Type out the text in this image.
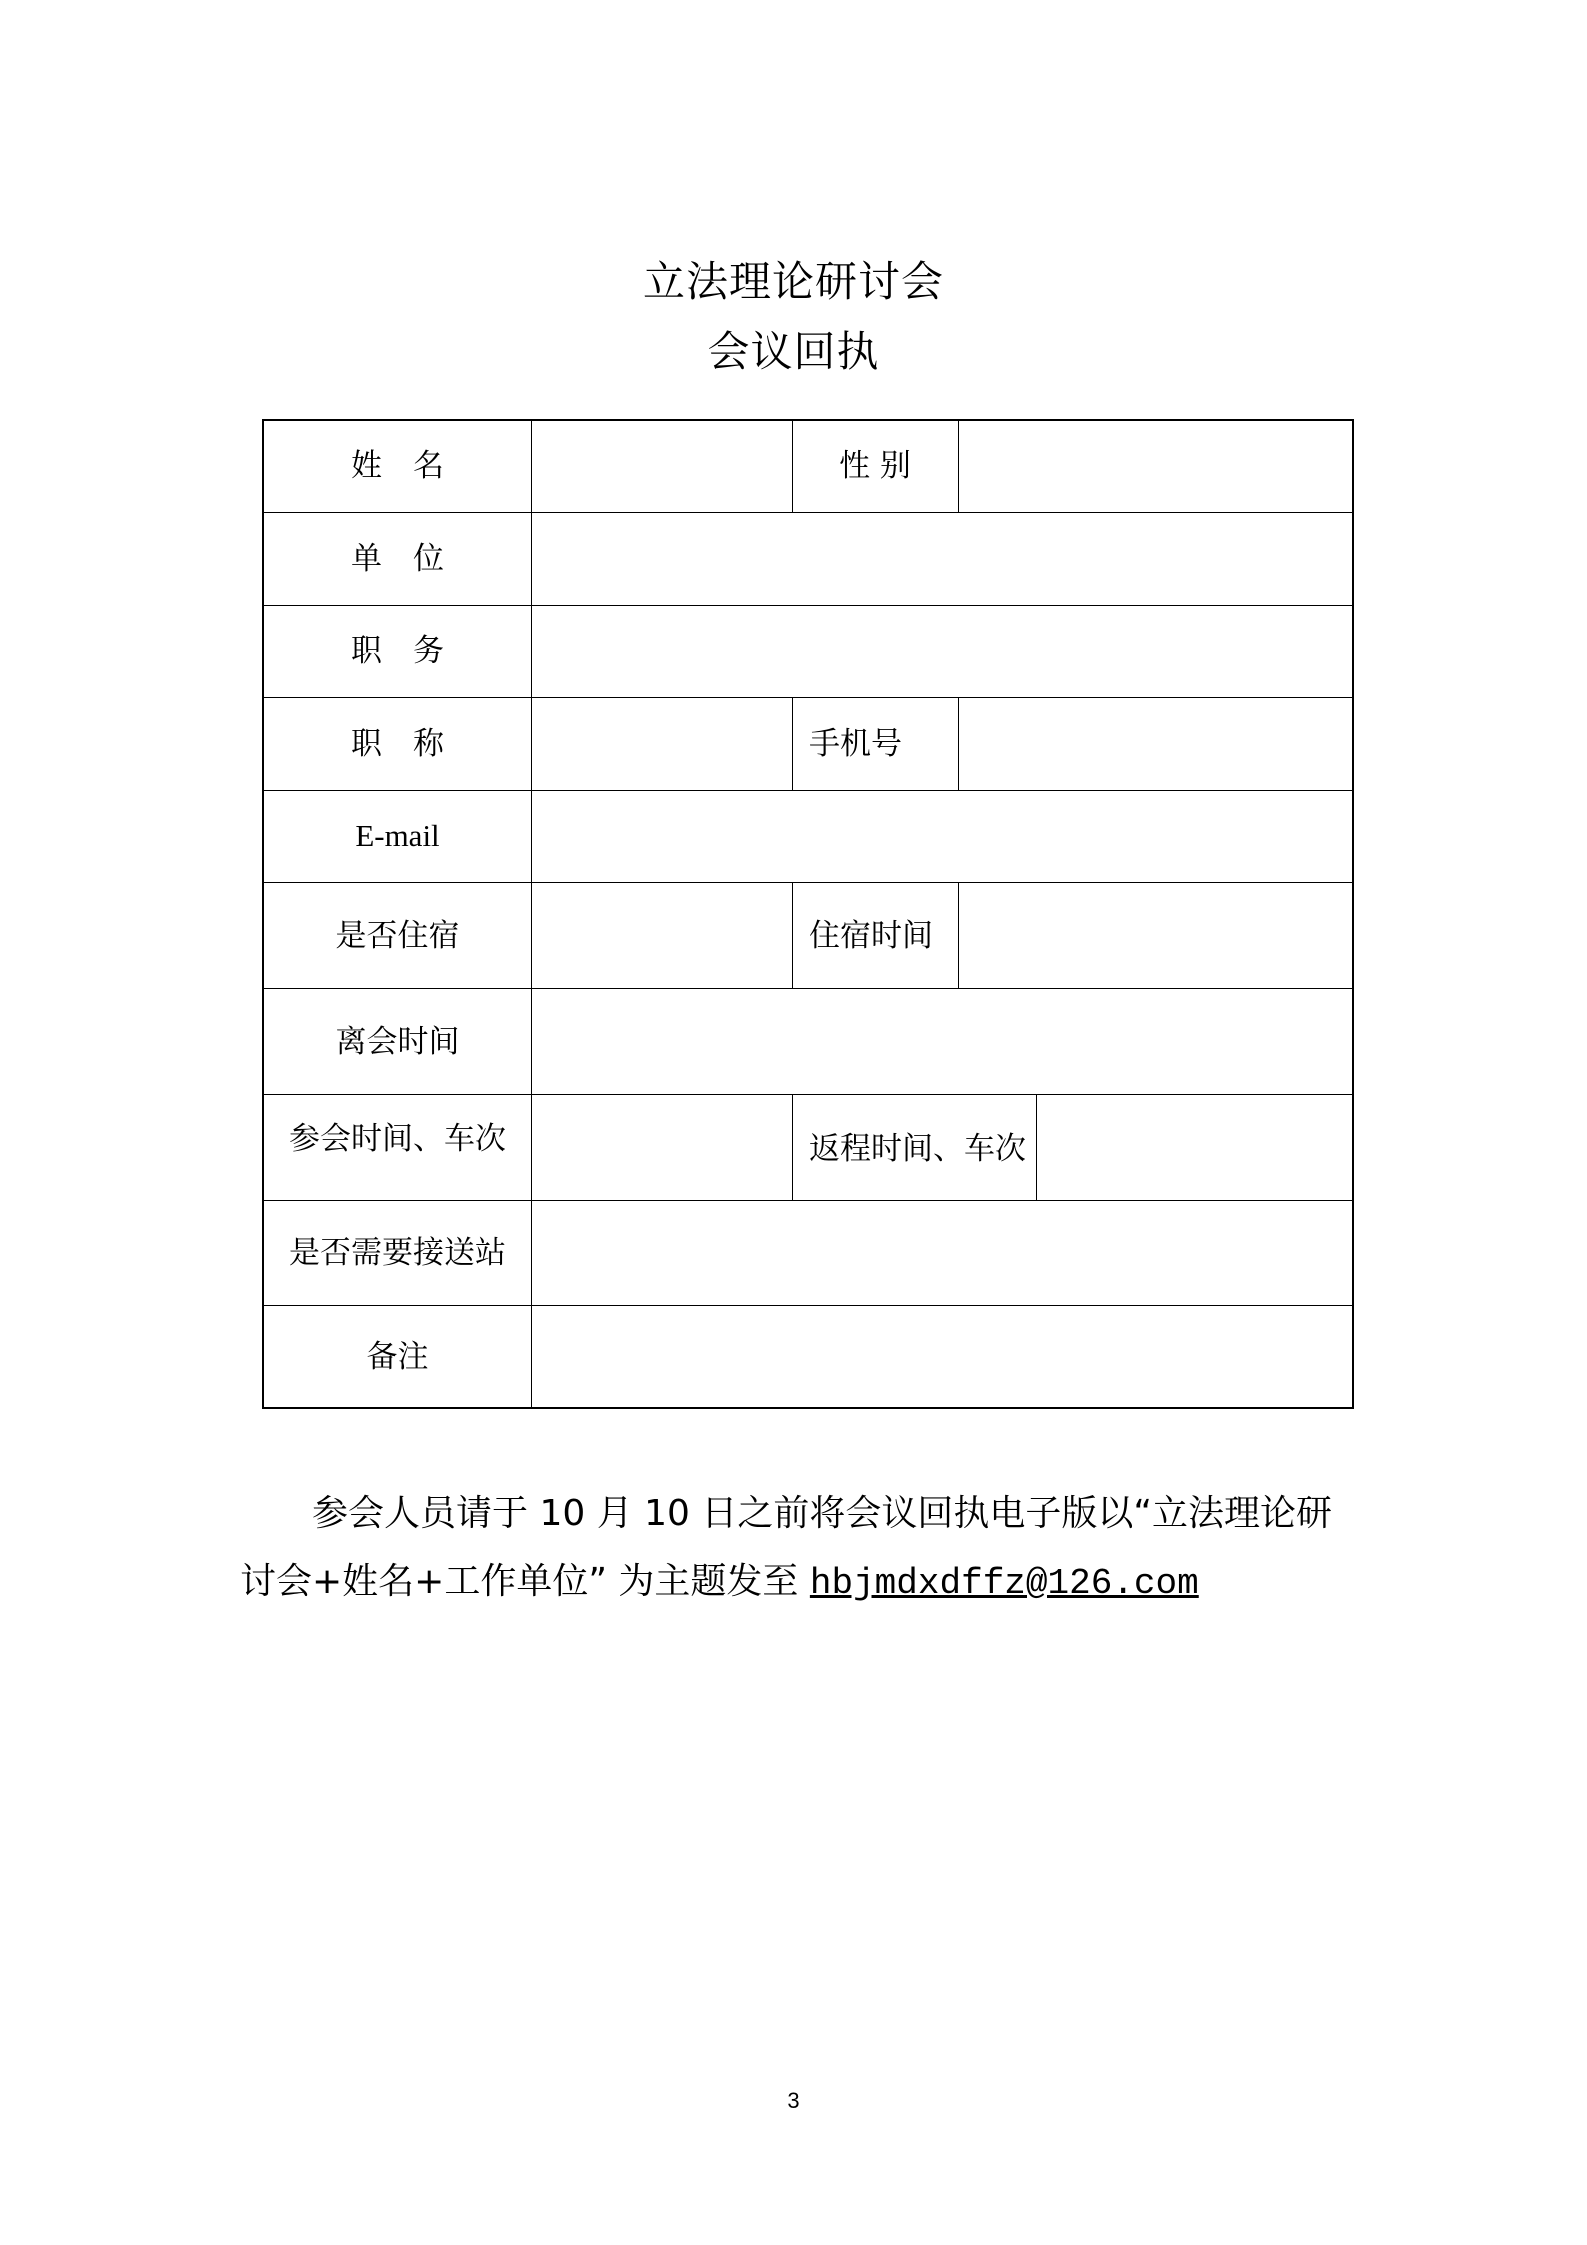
立法理论研讨会
会议回执
姓　名	性 别
单　位
职　务
职　称	手机号
E-mail
是否住宿	住宿时间
离会时间
参会时间、车次	返程时间、车次
是否需要接送站
备注
参会人员请于 10 月 10 日之前将会议回执电子版以“立法理论研
讨会+姓名+工作单位” 为主题发至 hbjmdxdffz@126.com
3
